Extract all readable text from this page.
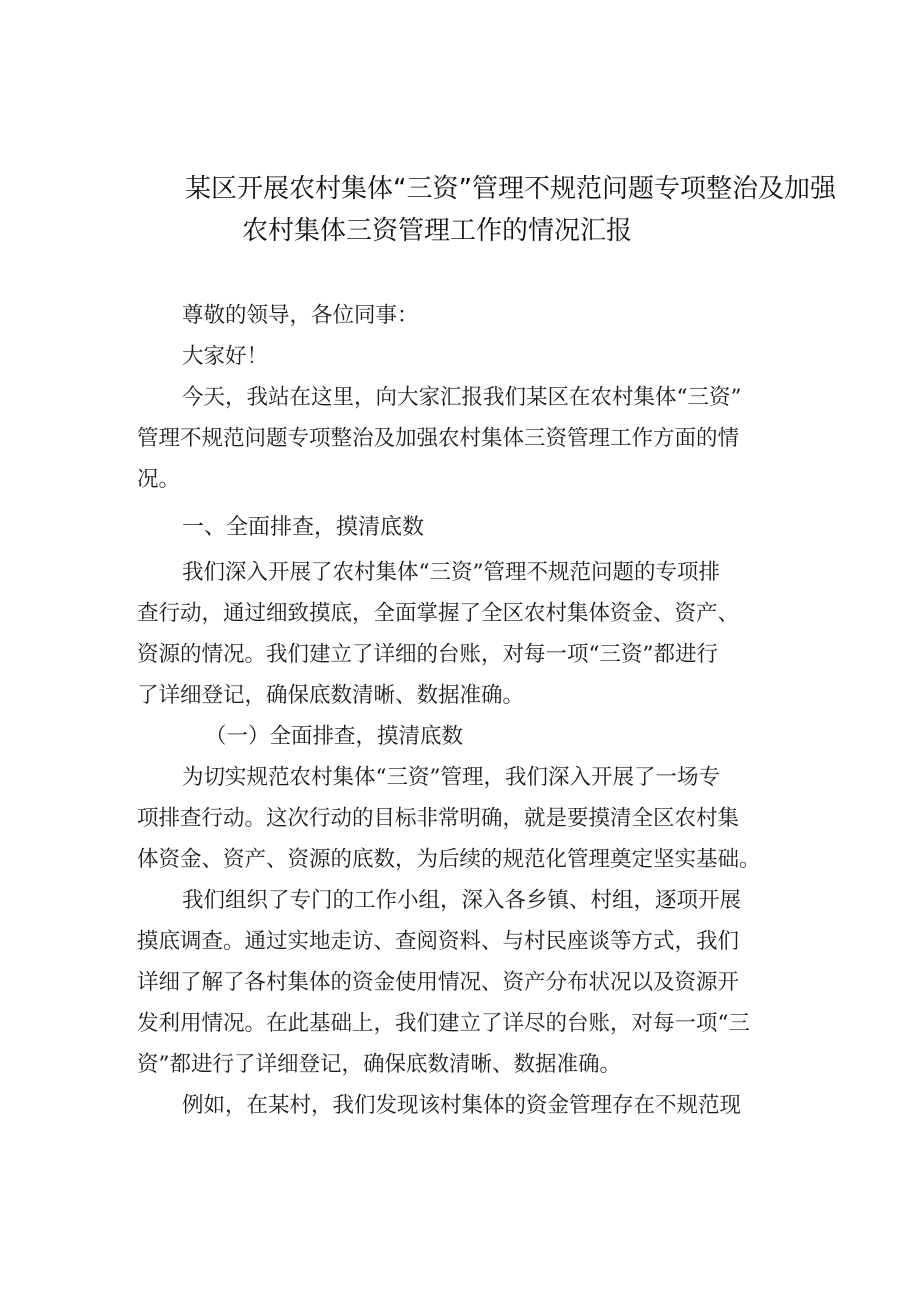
某区开展农村集体“三资”管理不规范问题专项整治及加强
农村集体三资管理工作的情况汇报

尊敬的领导，各位同事：

大家好！

今天，我站在这里，向大家汇报我们某区在农村集体“三资”
管理不规范问题专项整治及加强农村集体三资管理工作方面的情
况。
一、全面排查，摸清底数
我们深入开展了农村集体“三资”管理不规范问题的专项排
查行动，通过细致摸底，全面掌握了全区农村集体资金、资产、
资源的情况。我们建立了详细的台账，对每一项“三资”都进行
了详细登记，确保底数清晰、数据准确。
（一）全面排查，摸清底数
为切实规范农村集体“三资”管理，我们深入开展了一场专
项排查行动。这次行动的目标非常明确，就是要摸清全区农村集
体资金、资产、资源的底数，为后续的规范化管理奠定坚实基础。
我们组织了专门的工作小组，深入各乡镇、村组，逐项开展
摸底调查。通过实地走访、查阅资料、与村民座谈等方式，我们
详细了解了各村集体的资金使用情况、资产分布状况以及资源开
发利用情况。在此基础上，我们建立了详尽的台账，对每一项“三
资”都进行了详细登记，确保底数清晰、数据准确。
例如，在某村，我们发现该村集体的资金管理存在不规范现
